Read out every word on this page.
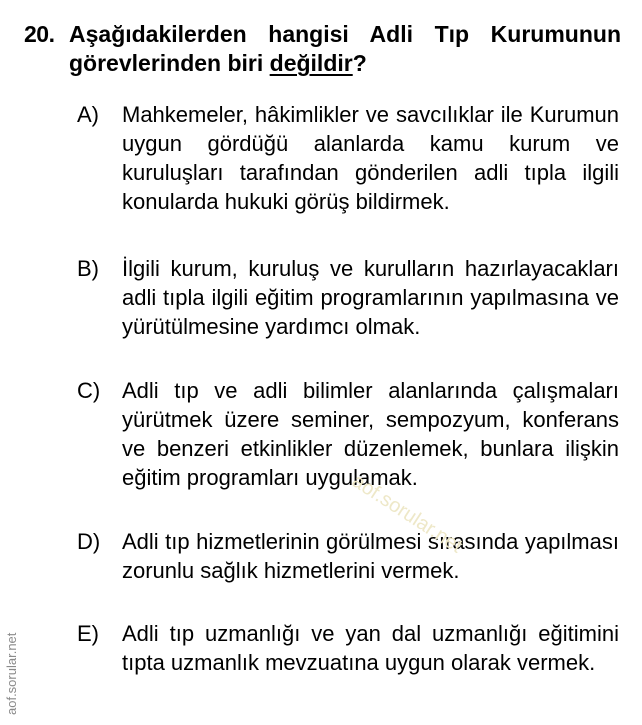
20. Aşağıdakilerden hangisi Adli Tıp Kurumunun görevlerinden biri değildir?
A) Mahkemeler, hâkimlikler ve savcılıklar ile Kurumun uygun gördüğü alanlarda kamu kurum ve kuruluşları tarafından gönderilen adli tıpla ilgili konularda hukuki görüş bildirmek.
B) İlgili kurum, kuruluş ve kurulların hazırlayacakları adli tıpla ilgili eğitim programlarının yapılmasına ve yürütülmesine yardımcı olmak.
C) Adli tıp ve adli bilimler alanlarında çalışmaları yürütmek üzere seminer, sempozyum, konferans ve benzeri etkinlikler düzenlemek, bunlara ilişkin eğitim programları uygulamak.
D) Adli tıp hizmetlerinin görülmesi sırasında yapılması zorunlu sağlık hizmetlerini vermek.
E) Adli tıp uzmanlığı ve yan dal uzmanlığı eğitimini tıpta uzmanlık mevzuatına uygun olarak vermek.
aof.sorular.net
aof.sorular.net
